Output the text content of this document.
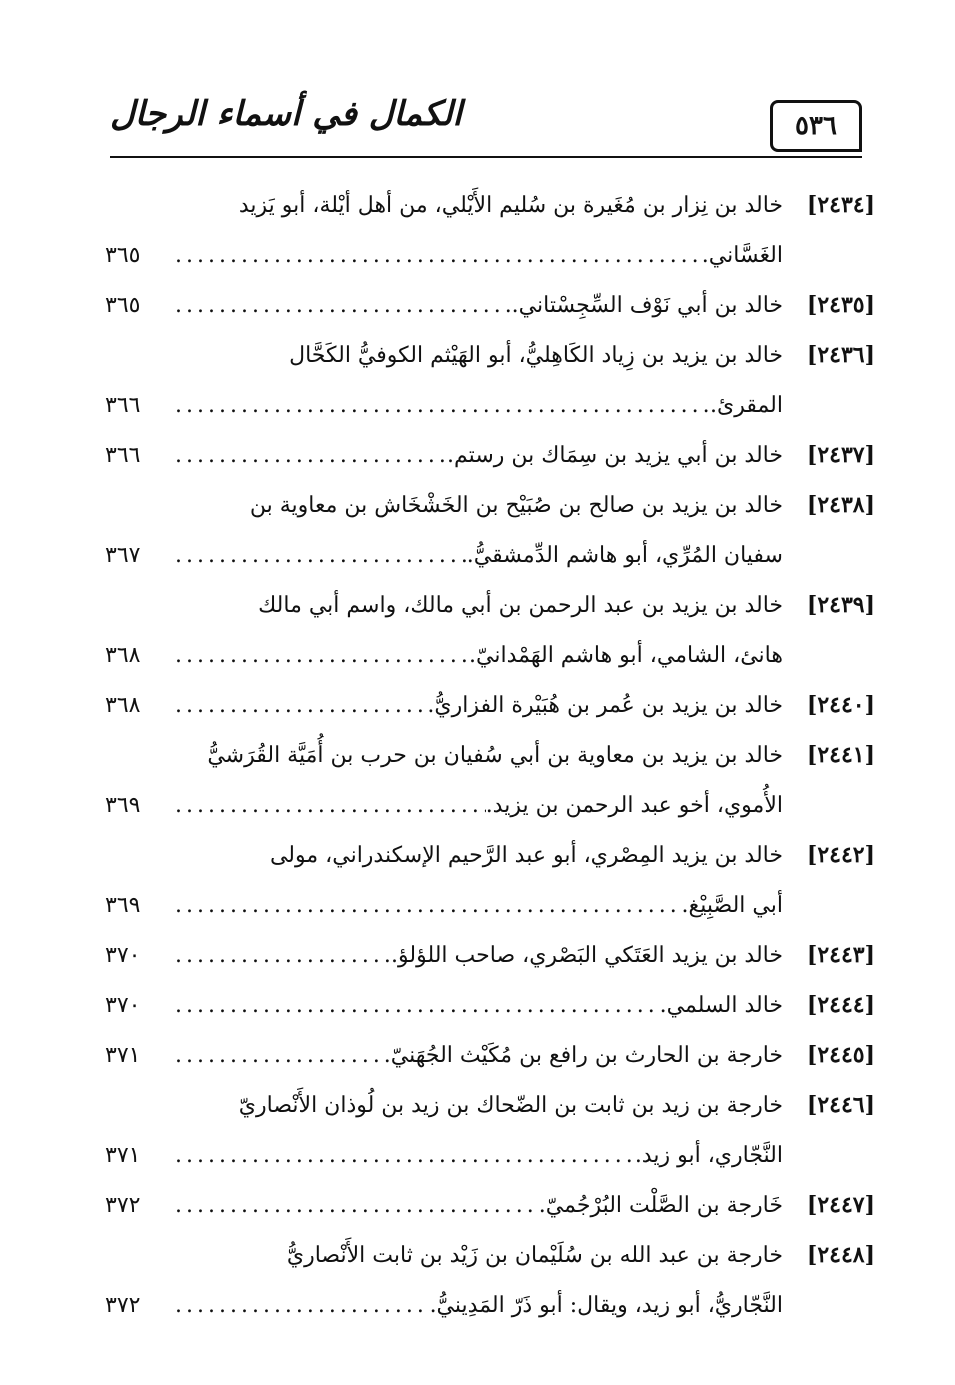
٥٣٦
الكمال في أسماء الرجال
[٢٤٣٤]
خالد بن نِزار بن مُغَيرة بن سُليم الأَيْلي، من أهل أيْلة، أبو يَزيد
الغَسَّاني.
.....
٣٦٥
[٢٤٣٥]
خالد بن أبي نَوْف السِّجِسْتاني.
.....
٣٦٥
[٢٤٣٦]
خالد بن يزيد بن زِياد الكَاهِليُّ، أبو الهَيْثم الكوفيُّ الكَحَّال
المقرئ.
.....
٣٦٦
[٢٤٣٧]
خالد بن أبي يزيد بن سِمَاك بن رستم.
.....
٣٦٦
[٢٤٣٨]
خالد بن يزيد بن صالح بن صُبَيْح بن الخَشْخَاش بن معاوية بن
سفيان المُرِّي، أبو هاشم الدِّمشقيُّ.
.....
٣٦٧
[٢٤٣٩]
خالد بن يزيد بن عبد الرحمن بن أبي مالك، واسم أبي مالك
هانئ، الشامي، أبو هاشم الهَمْدانيّ.
.....
٣٦٨
[٢٤٤٠]
خالد بن يزيد بن عُمر بن هُبَيْرة الفزاريُّ.
.....
٣٦٨
[٢٤٤١]
خالد بن يزيد بن معاوية بن أبي سُفيان بن حرب بن أُمَيَّة القُرَشيُّ
الأُموي، أخو عبد الرحمن بن يزيد.
.....
٣٦٩
[٢٤٤٢]
خالد بن يزيد المِصْري، أبو عبد الرَّحيم الإسكندراني، مولى
أبي الصَّبِيْغ.
.....
٣٦٩
[٢٤٤٣]
خالد بن يزيد العَتَكي البَصْري، صاحب اللؤلؤ.
.....
٣٧٠
[٢٤٤٤]
خالد السلمي.
.....
٣٧٠
[٢٤٤٥]
خارجة بن الحارث بن رافع بن مُكَيْث الجُهَنيّ.
.....
٣٧١
[٢٤٤٦]
خارجة بن زيد بن ثابت بن الضّحاك بن زيد بن لُوذان الأَنْصاريّ
النَّجّاري، أبو زيد.
.....
٣٧١
[٢٤٤٧]
خَارجة بن الصَّلْت البُرْجُميّ.
.....
٣٧٢
[٢٤٤٨]
خارجة بن عبد الله بن سُلَيْمان بن زَيْد بن ثابت الأَنْصاريُّ
النَّجّاريُّ، أبو زيد، ويقال: أبو ذَرّ المَدِينيُّ.
.....
٣٧٢
